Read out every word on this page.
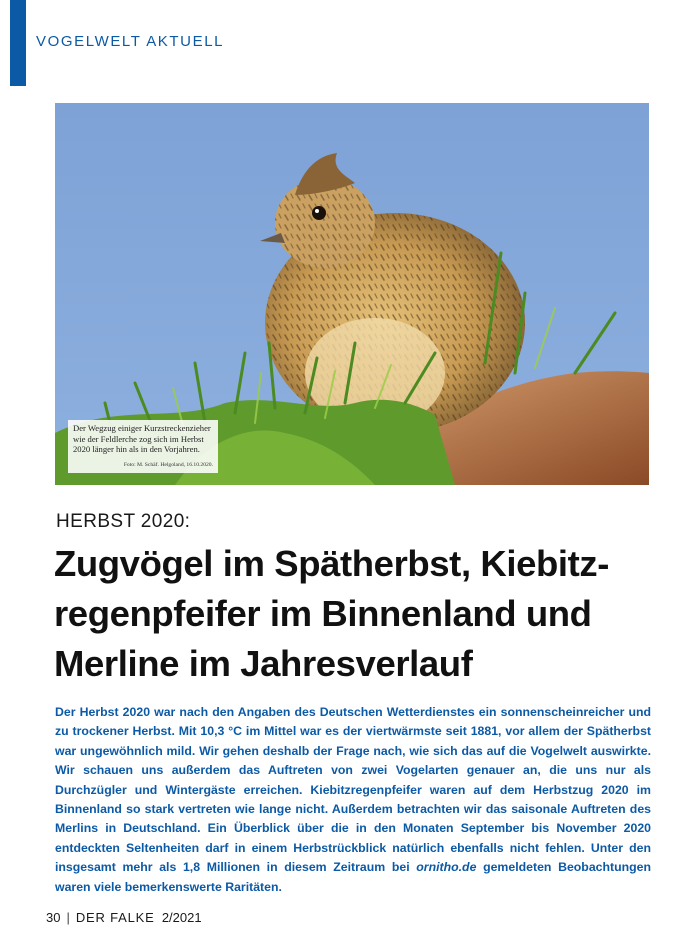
VOGELWELT AKTUELL
Der Wegzug einiger Kurzstreckenzieher wie der Feldlerche zog sich im Herbst 2020 länger hin als in den Vorjahren.
Foto: M. Schäf. Helgoland, 16.10.2020.
HERBST 2020:
Zugvögel im Spätherbst, Kiebitz-
regenpfeifer im Binnenland und
Merline im Jahresverlauf
Der Herbst 2020 war nach den Angaben des Deutschen Wetterdienstes ein sonnenscheinreicher und zu trockener Herbst. Mit 10,3 °C im Mittel war es der viertwärmste seit 1881, vor allem der Spätherbst war ungewöhnlich mild. Wir gehen deshalb der Frage nach, wie sich das auf die Vogelwelt auswirkte. Wir schauen uns außerdem das Auftreten von zwei Vogelarten genauer an, die uns nur als Durchzügler und Wintergäste erreichen. Kiebitzregenpfeifer waren auf dem Herbstzug 2020 im Binnenland so stark vertreten wie lange nicht. Außerdem betrachten wir das saisonale Auftreten des Merlins in Deutschland. Ein Überblick über die in den Monaten September bis November 2020 entdeckten Seltenheiten darf in einem Herbstrückblick natürlich ebenfalls nicht fehlen. Unter den insgesamt mehr als 1,8 Millionen in diesem Zeitraum bei ornitho.de gemeldeten Beobachtungen waren viele bemerkenswerte Raritäten.
30 | DER FALKE 2/2021
